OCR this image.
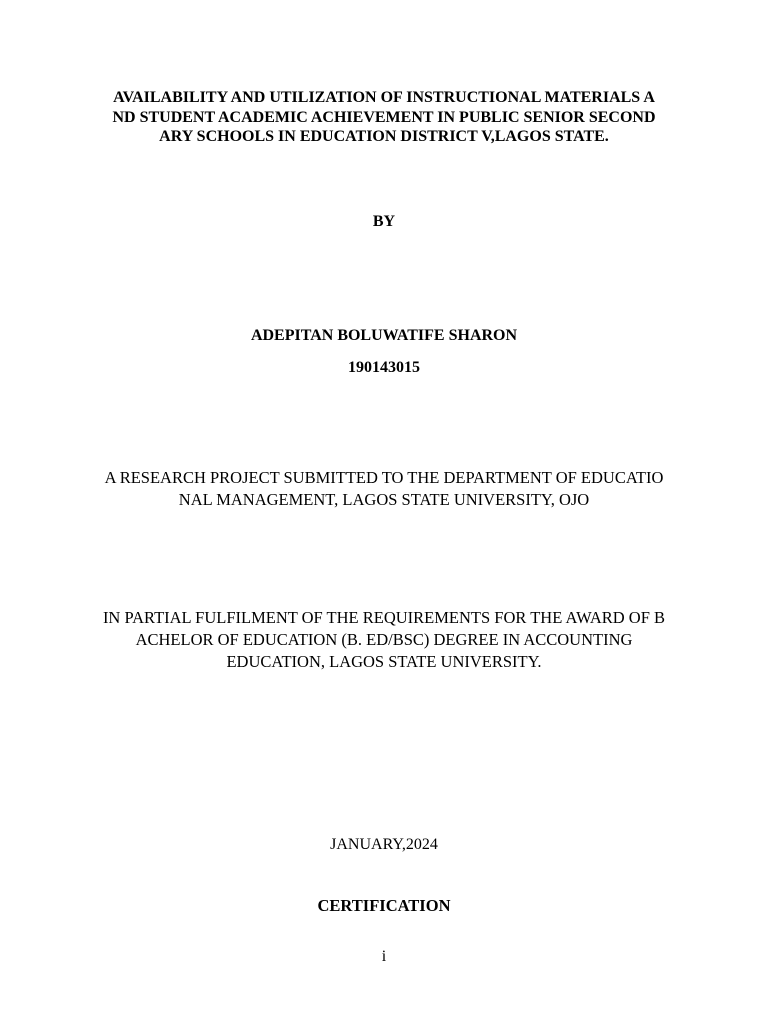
AVAILABILITY AND UTILIZATION OF INSTRUCTIONAL MATERIALS A
ND STUDENT ACADEMIC ACHIEVEMENT IN PUBLIC SENIOR SECOND
ARY SCHOOLS IN EDUCATION DISTRICT V,LAGOS STATE.
BY
ADEPITAN BOLUWATIFE SHARON
190143015
A RESEARCH PROJECT SUBMITTED TO THE DEPARTMENT OF EDUCATIO
NAL MANAGEMENT, LAGOS STATE UNIVERSITY, OJO
IN PARTIAL FULFILMENT OF THE REQUIREMENTS FOR THE AWARD OF B
ACHELOR OF EDUCATION (B. ED/BSC) DEGREE IN ACCOUNTING
EDUCATION, LAGOS STATE UNIVERSITY.
JANUARY,2024
CERTIFICATION
i
